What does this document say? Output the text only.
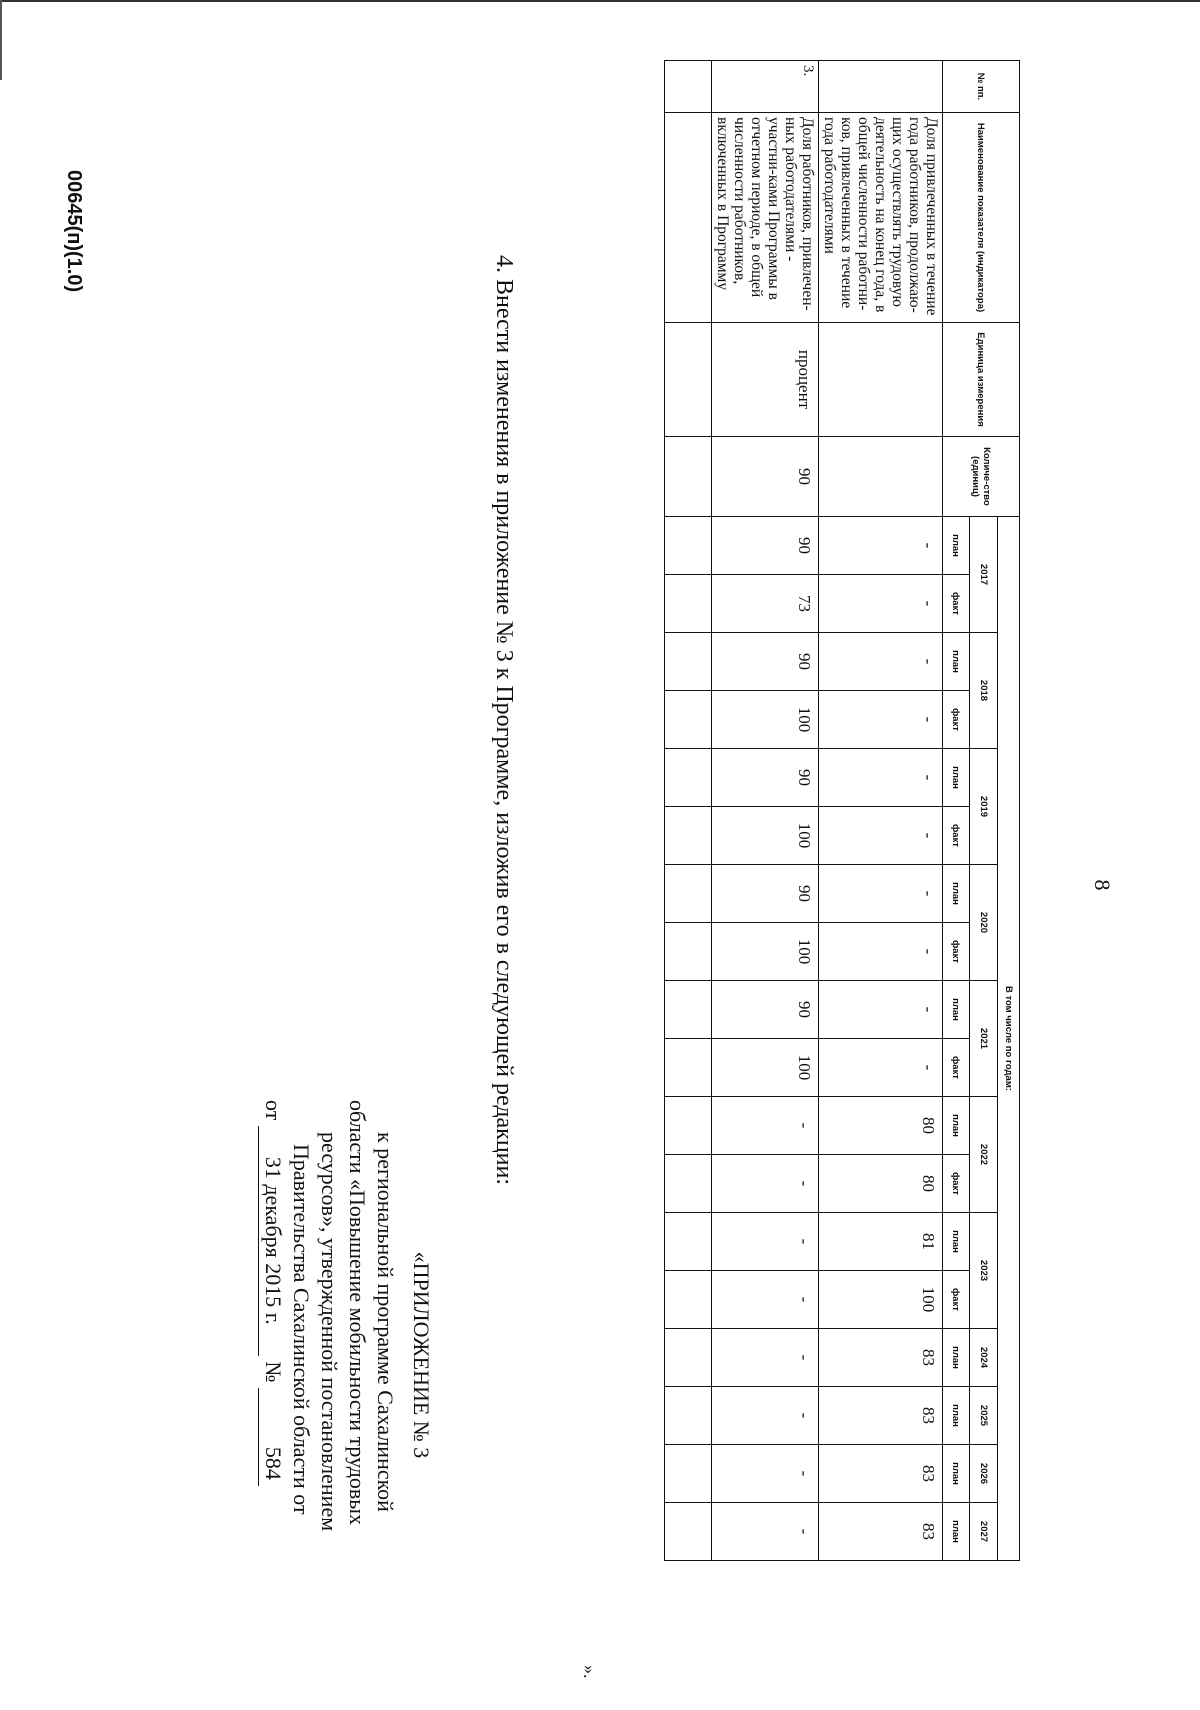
8
№ пп.	Наименование показателя (индикатора)	Единица измерения	Количе-ство (единиц)	В том числе по годам:																	
				2017		2018		2019		2020		2021		2022		2023		2024	2025	2026	2027
				план	факт	план	факт	план	факт	план	факт	план	факт	план	факт	план	факт	план	план	план	план
	Доля привлеченных в течение года работников, продолжаю-щих осуществлять трудовую деятельность на конец года, в общей численности работни-ков, привлеченных в течение года работодателями			-	-	-	-	-	-	-	-	-	-	80	80	81	100	83	83	83	83
3.	Доля работников, привлечен-ных работодателями - участни-ками Программы в отчетном периоде, в общей численности работников, включенных в Программу	процент	90	90	73	90	100	90	100	90	100	90	100	-	-	-	-	-	-	-	-

4. Внести изменения в приложение № 3 к Программе, изложив его в следующей редакции:
«ПРИЛОЖЕНИЕ № 3
к региональной программе Сахалинской
области «Повышение мобильности трудовых
ресурсов», утвержденной постановлением
Правительства Сахалинской области от
от 31 декабря 2015 г. № 584
».
00645(п)(1.0)
